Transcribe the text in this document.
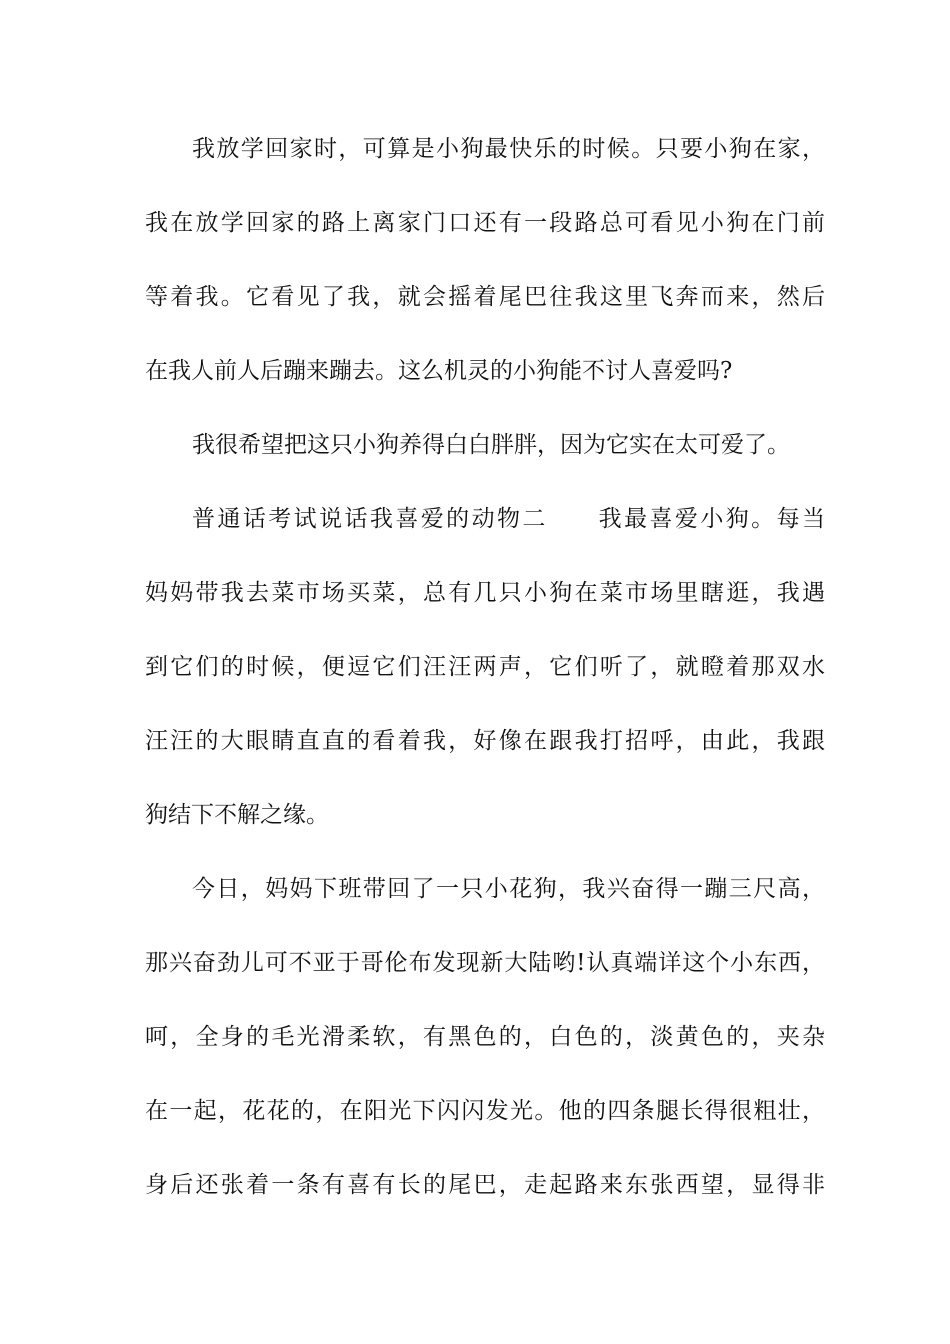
我放学回家时，可算是小狗最快乐的时候。只要小狗在家，
我在放学回家的路上离家门口还有一段路总可看见小狗在门前
等着我。它看见了我，就会摇着尾巴往我这里飞奔而来，然后
在我人前人后蹦来蹦去。这么机灵的小狗能不讨人喜爱吗?
我很希望把这只小狗养得白白胖胖，因为它实在太可爱了。
普通话考试说话我喜爱的动物二　　我最喜爱小狗。每当
妈妈带我去菜市场买菜，总有几只小狗在菜市场里瞎逛，我遇
到它们的时候，便逗它们汪汪两声，它们听了，就瞪着那双水
汪汪的大眼睛直直的看着我，好像在跟我打招呼，由此，我跟
狗结下不解之缘。
今日，妈妈下班带回了一只小花狗，我兴奋得一蹦三尺高，
那兴奋劲儿可不亚于哥伦布发现新大陆哟!认真端详这个小东西，
呵，全身的毛光滑柔软，有黑色的，白色的，淡黄色的，夹杂
在一起，花花的，在阳光下闪闪发光。他的四条腿长得很粗壮，
身后还张着一条有喜有长的尾巴，走起路来东张西望，显得非
